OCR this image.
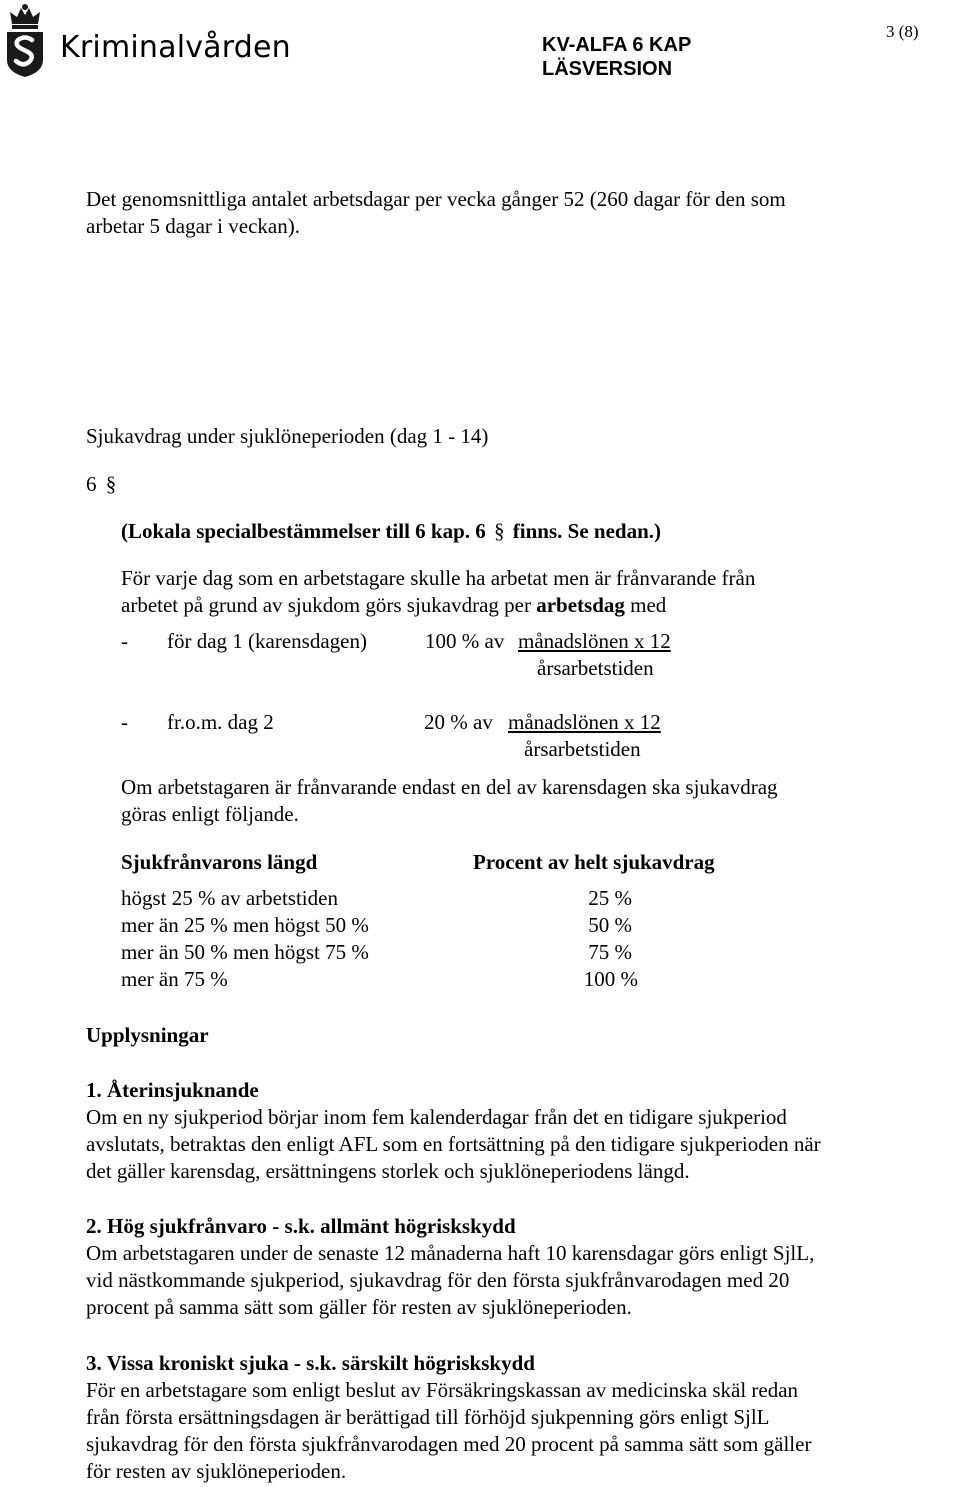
Kriminalvården	KV-ALFA 6 KAP
LÄSVERSION
3 (8)
Det genomsnittliga antalet arbetsdagar per vecka gånger 52 (260 dagar för den som
arbetar 5 dagar i veckan).
Sjukavdrag under sjuklöneperioden (dag 1 - 14)
6 §
(Lokala specialbestämmelser till 6 kap. 6 § finns. Se nedan.)
För varje dag som en arbetstagare skulle ha arbetat men är frånvarande från
arbetet på grund av sjukdom görs sjukavdrag per arbetsdag med
- för dag 1 (karensdagen)	100 % av månadslönen x 12
årsarbetstiden
- fr.o.m. dag 2	20 % av månadslönen x 12
årsarbetstiden
Om arbetstagaren är frånvarande endast en del av karensdagen ska sjukavdrag
göras enligt följande.
Sjukfrånvarons längd	Procent av helt sjukavdrag
högst 25 % av arbetstiden	25 %
mer än 25 % men högst 50 %	50 %
mer än 50 % men högst 75 %	75 %
mer än 75 %	100 %
Upplysningar
1. Återinsjuknande
Om en ny sjukperiod börjar inom fem kalenderdagar från det en tidigare sjukperiod
avslutats, betraktas den enligt AFL som en fortsättning på den tidigare sjukperioden när
det gäller karensdag, ersättningens storlek och sjuklöneperiodens längd.
2. Hög sjukfrånvaro - s.k. allmänt högriskskydd
Om arbetstagaren under de senaste 12 månaderna haft 10 karensdagar görs enligt SjlL,
vid nästkommande sjukperiod, sjukavdrag för den första sjukfrånvarodagen med 20
procent på samma sätt som gäller för resten av sjuklöneperioden.
3. Vissa kroniskt sjuka - s.k. särskilt högriskskydd
För en arbetstagare som enligt beslut av Försäkringskassan av medicinska skäl redan
från första ersättningsdagen är berättigad till förhöjd sjukpenning görs enligt SjlL
sjukavdrag för den första sjukfrånvarodagen med 20 procent på samma sätt som gäller
för resten av sjuklöneperioden.
